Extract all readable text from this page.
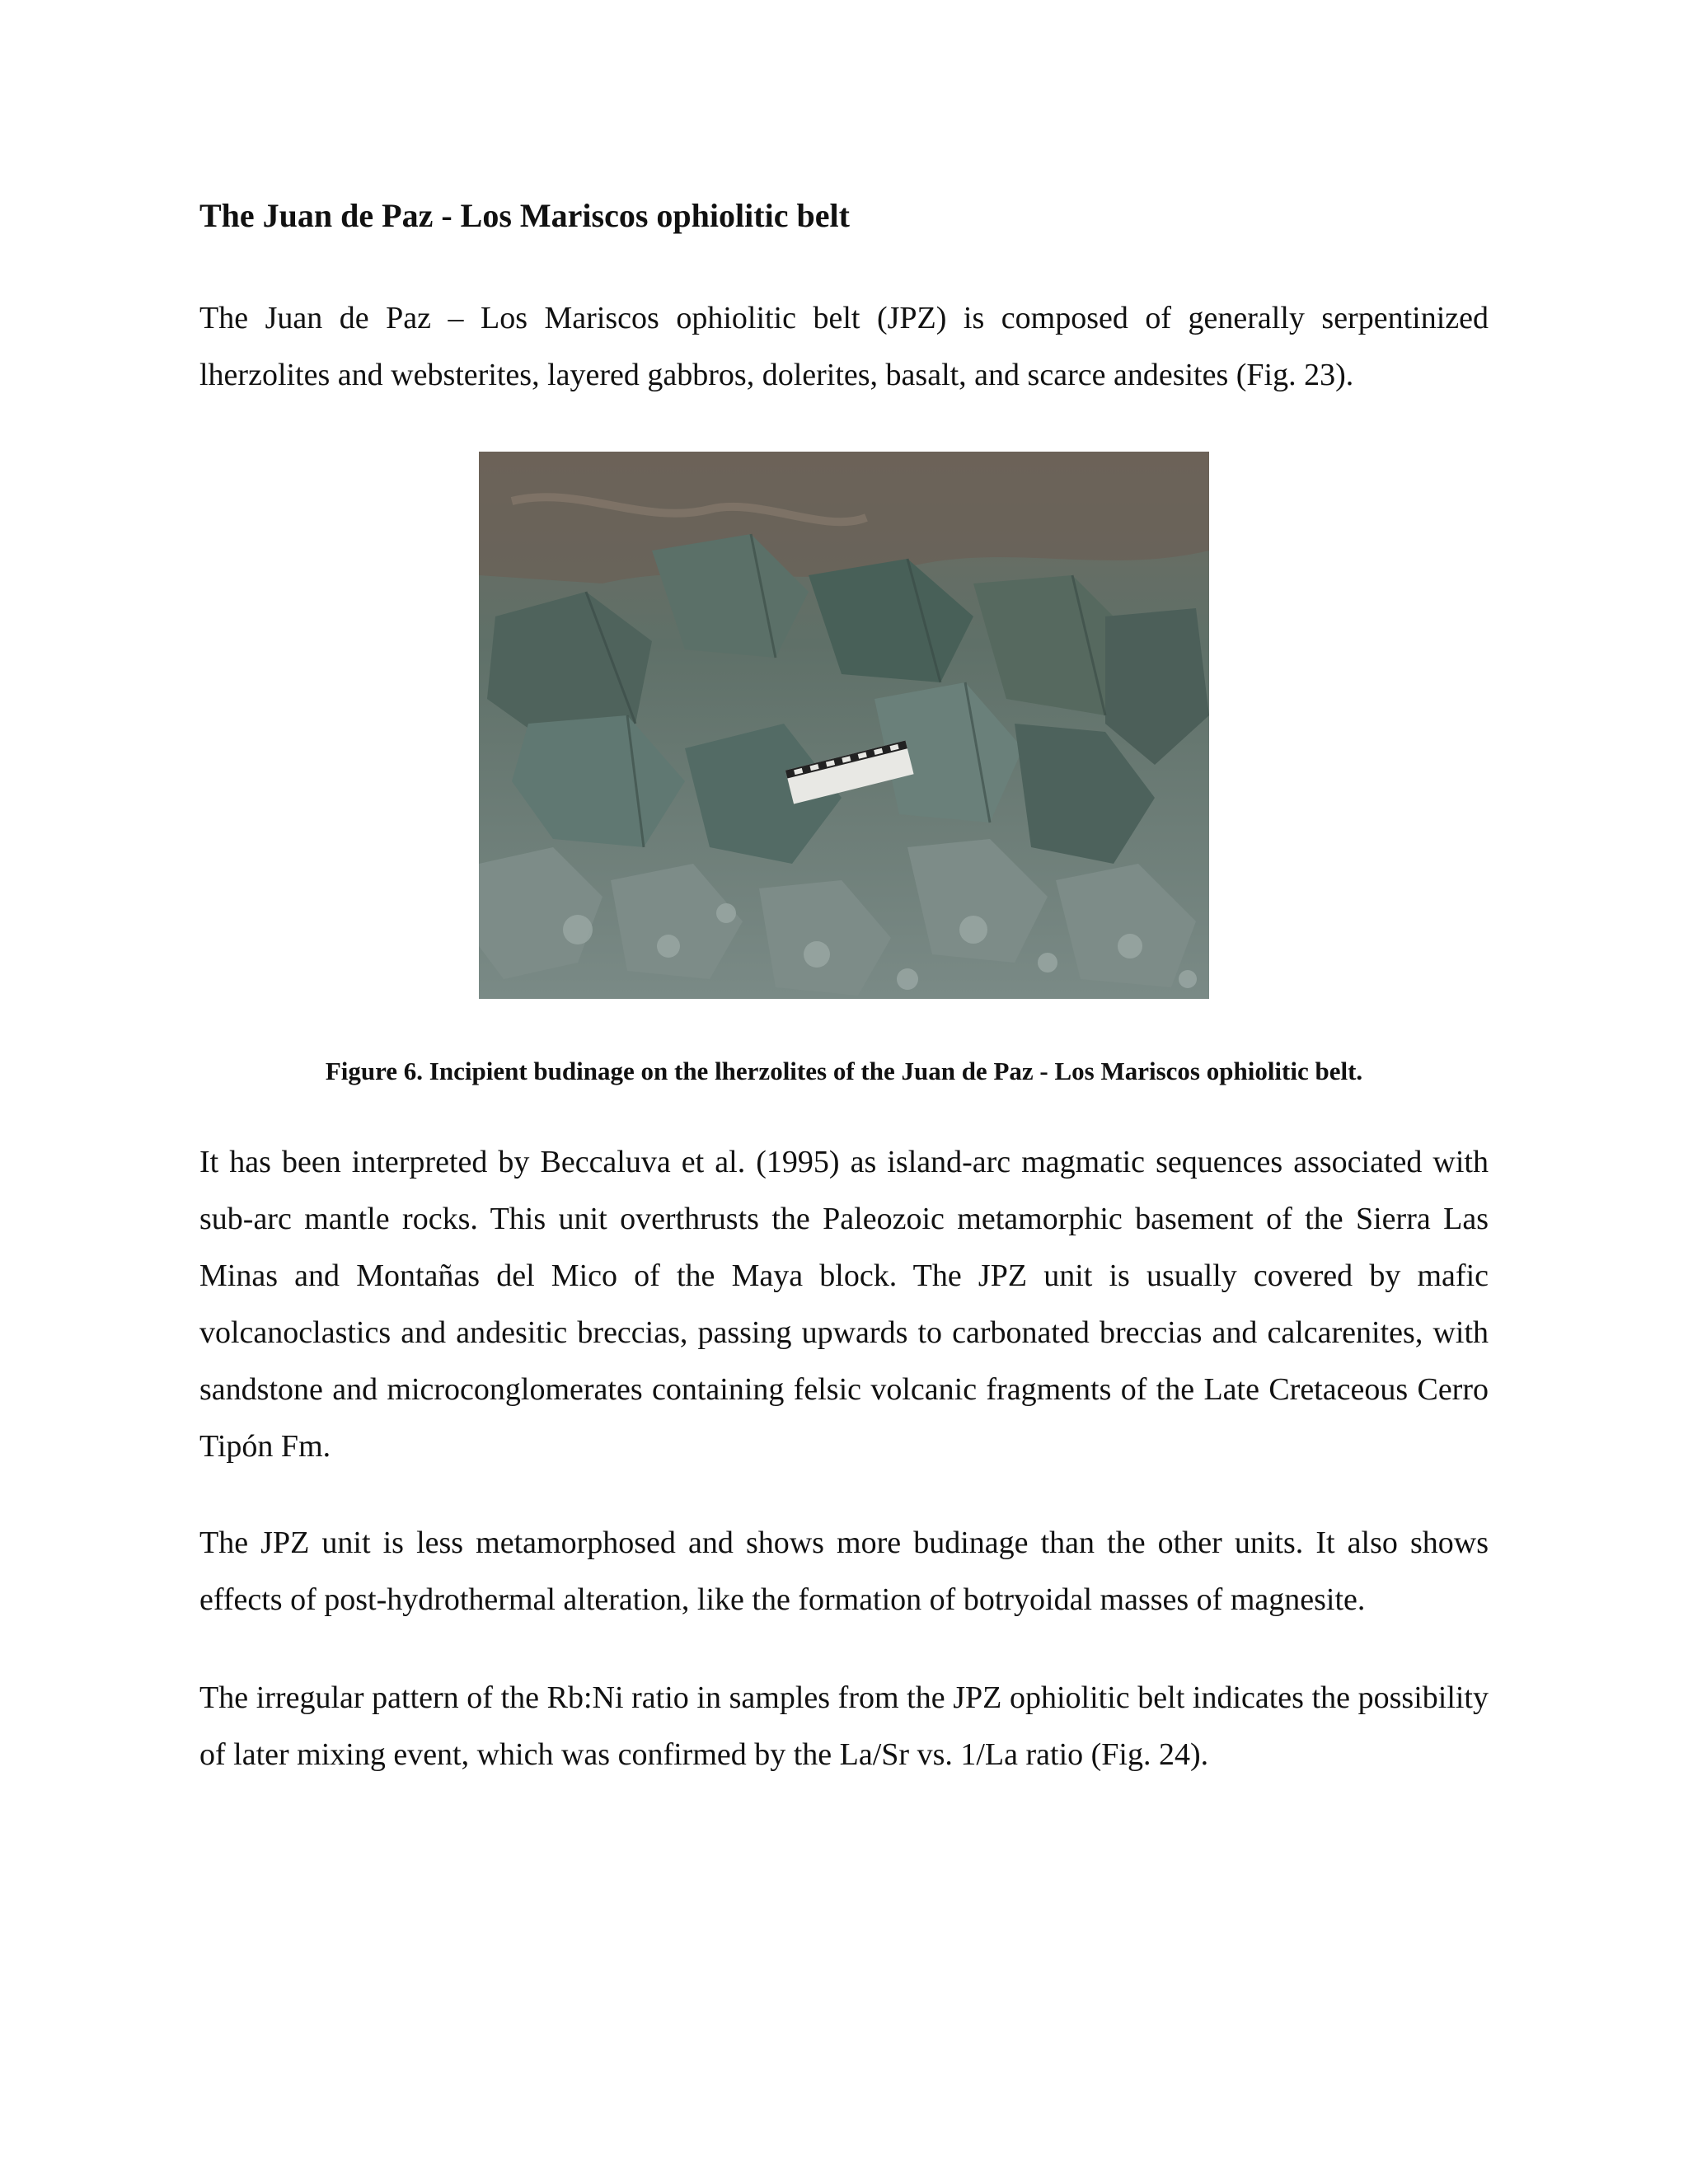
The Juan de Paz - Los Mariscos ophiolitic belt

The Juan de Paz – Los Mariscos ophiolitic belt (JPZ) is composed of generally serpentinized lherzolites and websterites, layered gabbros, dolerites, basalt, and scarce andesites (Fig. 23).

Figure 6. Incipient budinage on the lherzolites of the Juan de Paz - Los Mariscos ophiolitic belt.

It has been interpreted by Beccaluva et al. (1995) as island-arc magmatic sequences associated with sub-arc mantle rocks. This unit overthrusts the Paleozoic metamorphic basement of the Sierra Las Minas and Montañas del Mico of the Maya block. The JPZ unit is usually covered by mafic volcanoclastics and andesitic breccias, passing upwards to carbonated breccias and calcarenites, with sandstone and microconglomerates containing felsic volcanic fragments of the Late Cretaceous Cerro Tipón Fm.

The JPZ unit is less metamorphosed and shows more budinage than the other units. It also shows effects of post-hydrothermal alteration, like the formation of botryoidal masses of magnesite.

The irregular pattern of the Rb:Ni ratio in samples from the JPZ ophiolitic belt indicates the possibility of later mixing event, which was confirmed by the La/Sr vs. 1/La ratio (Fig. 24).
